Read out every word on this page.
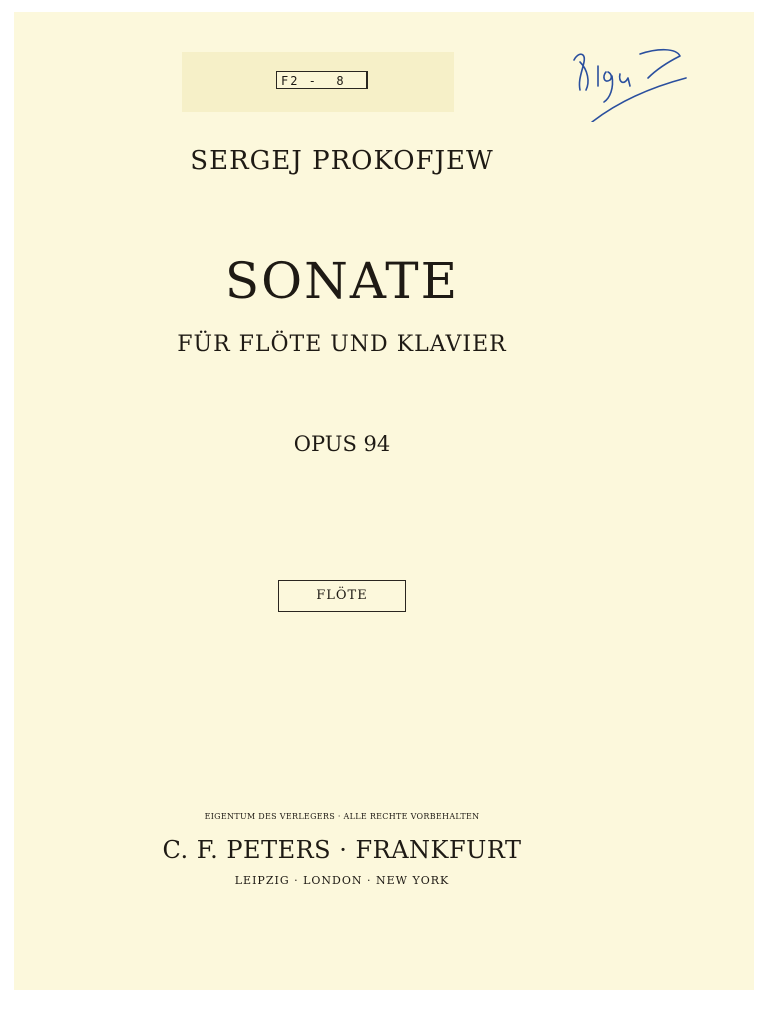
F2 -  8
SERGEJ PROKOFJEW
SONATE
FÜR FLÖTE UND KLAVIER
OPUS 94
FLÖTE
EIGENTUM DES VERLEGERS · ALLE RECHTE VORBEHALTEN
C. F. PETERS · FRANKFURT
LEIPZIG · LONDON · NEW YORK
